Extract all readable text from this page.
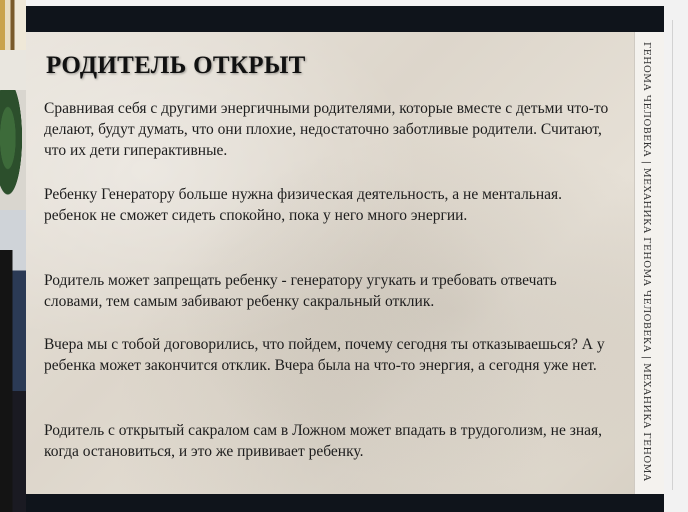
РОДИТЕЛЬ ОТКРЫТ

Сравнивая себя с другими энергичными родителями, которые вместе с детьми что-то делают, будут думать, что они плохие, недостаточно заботливые родители. Считают, что их дети гиперактивные.

Ребенку Генератору больше нужна физическая деятельность, а не ментальная. ребенок не сможет сидеть спокойно, пока у него много энергии.

Родитель может запрещать ребенку - генератору угукать и требовать отвечать словами, тем самым забивают ребенку сакральный отклик.

Вчера мы с тобой договорились, что пойдем, почему сегодня ты отказываешься? А у ребенка может закончится отклик. Вчера была на что-то энергия, а сегодня уже нет.

Родитель с открытый сакралом сам в Ложном может впадать в трудоголизм, не зная, когда остановиться, и это же прививает ребенку.	ГЕНОМА ЧЕЛОВЕКА | МЕХАНИКА ГЕНОМА ЧЕЛОВЕКА | МЕХАНИКА ГЕНОМА
